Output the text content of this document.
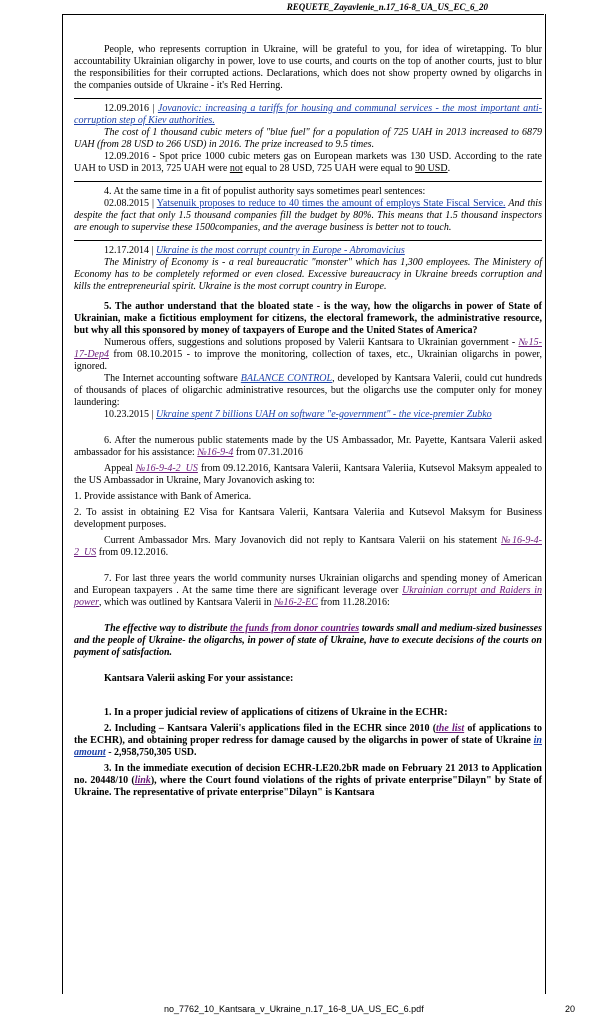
REQUETE_Zayavlenie_n.17_16-8_UA_US_EC_6_20

People, who represents corruption in Ukraine, will be grateful to you, for idea of wiretapping. To blur accountability Ukrainian oligarchy in power, love to use courts, and courts on the top of another courts, just to blur the responsibilities for their corrupted actions. Declarations, which does not show property owned by oligarchs in the companies outside of Ukraine - it's Red Herring.

12.09.2016 | Jovanovic: increasing a tariffs for housing and communal services - the most important anti-corruption step of Kiev authorities.

The cost of 1 thousand cubic meters of "blue fuel" for a population of 725 UAH in 2013 increased to 6879 UAH (from 28 USD to 266 USD) in 2016. The prize increased to 9.5 times.

12.09.2016 - Spot price 1000 cubic meters gas on European markets was 130 USD. According to the rate UAH to USD in 2013, 725 UAH were not equal to 28 USD, 725 UAH were equal to 90 USD.

4. At the same time in a fit of populist authority says sometimes pearl sentences:

02.08.2015 | Yatsenuik proposes to reduce to 40 times the amount of employs State Fiscal Service. And this despite the fact that only 1.5 thousand companies fill the budget by 80%. This means that 1.5 thousand inspectors are enough to supervise these 1500companies, and the average business is better not to touch.

12.17.2014 | Ukraine is the most corrupt country in Europe - Abromavicius

The Ministry of Economy is - a real bureaucratic "monster" which has 1,300 employees. The Ministery of Economy has to be completely reformed or even closed. Excessive bureaucracy in Ukraine breeds corruption and kills the entrepreneurial spirit. Ukraine is the most corrupt country in Europe.

5. The author understand that the bloated state - is the way, how the oligarchs in power of State of Ukrainian, make a fictitious employment for citizens, the electoral framework, the administrative resource, but why all this sponsored by money of taxpayers of Europe and the United States of America?

Numerous offers, suggestions and solutions proposed by Valerii Kantsara to Ukrainian government - №15-17-Dep4 from 08.10.2015 - to improve the monitoring, collection of taxes, etc., Ukrainian oligarchs in power, ignored.

The Internet accounting software BALANCE CONTROL, developed by Kantsara Valerii, could cut hundreds of thousands of places of oligarchic administrative resources, but the oligarchs use the computer only for money laundering:

10.23.2015 | Ukraine spent 7 billions UAH on software "e-government" - the vice-premier Zubko

6. After the numerous public statements made by the US Ambassador, Mr. Payette, Kantsara Valerii asked ambassador for his assistance: №16-9-4 from 07.31.2016

Appeal №16-9-4-2_US from 09.12.2016, Kantsara Valerii, Kantsara Valeriia, Kutsevol Maksym appealed to the US Ambassador in Ukraine, Mary Jovanovich asking to:

1. Provide assistance with Bank of America.

2. To assist in obtaining E2 Visa for Kantsara Valerii, Kantsara Valeriia and Kutsevol Maksym for Business development purposes.

Current Ambassador Mrs. Mary Jovanovich did not reply to Kantsara Valerii on his statement №16-9-4-2_US from 09.12.2016.

7. For last three years the world community nurses Ukrainian oligarchs and spending money of American and European taxpayers . At the same time there are significant leverage over Ukrainian corrupt and Raiders in power, which was outlined by Kantsara Valerii in №16-2-EC from 11.28.2016:

The effective way to distribute the funds from donor countries towards small and medium-sized businesses and the people of Ukraine- the oligarchs, in power of state of Ukraine, have to execute decisions of the courts on payment of satisfaction.

Kantsara Valerii asking For your assistance:

1. In a proper judicial review of applications of citizens of Ukraine in the ECHR:

2. Including – Kantsara Valerii's applications filed in the ECHR since 2010 (the list of applications to the ECHR), and obtaining proper redress for damage caused by the oligarchs in power of state of Ukraine in amount - 2,958,750,305 USD.

3. In the immediate execution of decision ECHR-LE20.2bR made on February 21 2013 to Application no. 20448/10 (link), where the Court found violations of the rights of private enterprise"Dilayn" by State of Ukraine. The representative of private enterprise"Dilayn" is Kantsara

no_7762_10_Kantsara_v_Ukraine_n.17_16-8_UA_US_EC_6.pdf	20
